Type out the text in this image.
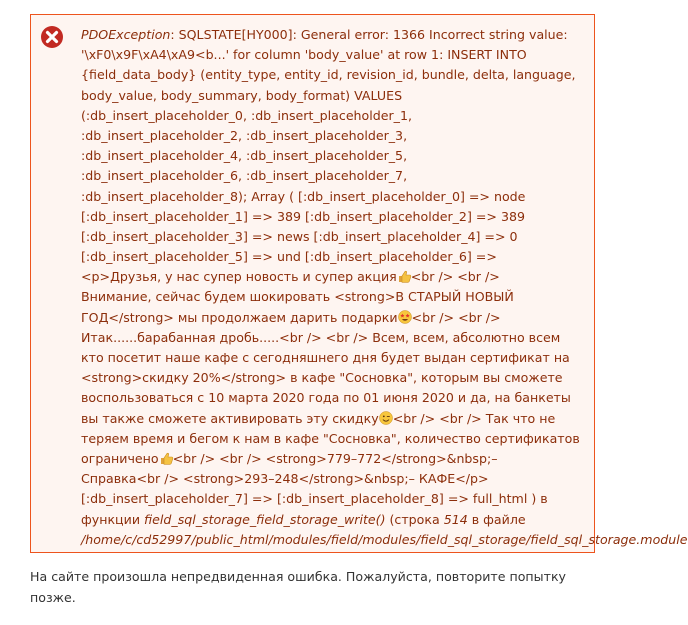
PDOException: SQLSTATE[HY000]: General error: 1366 Incorrect string value:
'\xF0\x9F\xA4\xA9<b...' for column 'body_value' at row 1: INSERT INTO
{field_data_body} (entity_type, entity_id, revision_id, bundle, delta, language,
body_value, body_summary, body_format) VALUES
(:db_insert_placeholder_0, :db_insert_placeholder_1,
:db_insert_placeholder_2, :db_insert_placeholder_3,
:db_insert_placeholder_4, :db_insert_placeholder_5,
:db_insert_placeholder_6, :db_insert_placeholder_7,
:db_insert_placeholder_8); Array ( [:db_insert_placeholder_0] => node
[:db_insert_placeholder_1] => 389 [:db_insert_placeholder_2] => 389
[:db_insert_placeholder_3] => news [:db_insert_placeholder_4] => 0
[:db_insert_placeholder_5] => und [:db_insert_placeholder_6] =>
<p>Друзья, у нас супер новость и супер акция <br /> <br />
Внимание, сейчас будем шокировать <strong>В СТАРЫЙ НОВЫЙ
ГОД</strong> мы продолжаем дарить подарки <br /> <br />
Итак......барабанная дробь.....<br /> <br /> Всем, всем, абсолютно всем
кто посетит наше кафе с сегодняшнего дня будет выдан сертификат на
<strong>скидку 20%</strong> в кафе "Сосновка", которым вы сможете
воспользоваться с 10 марта 2020 года по 01 июня 2020 и да, на банкеты
вы также сможете активировать эту скидку <br /> <br /> Так что не
теряем время и бегом к нам в кафе "Сосновка", количество сертификатов
ограничено <br /> <br /> <strong>779–772</strong>&nbsp;–
Справка<br /> <strong>293–248</strong>&nbsp;– КАФЕ</p>
[:db_insert_placeholder_7] => [:db_insert_placeholder_8] => full_html ) в
функции field_sql_storage_field_storage_write() (строка 514 в файле
/home/c/cd52997/public_html/modules/field/modules/field_sql_storage/field_sql_storage.module
На сайте произошла непредвиденная ошибка. Пожалуйста, повторите попытку позже.
